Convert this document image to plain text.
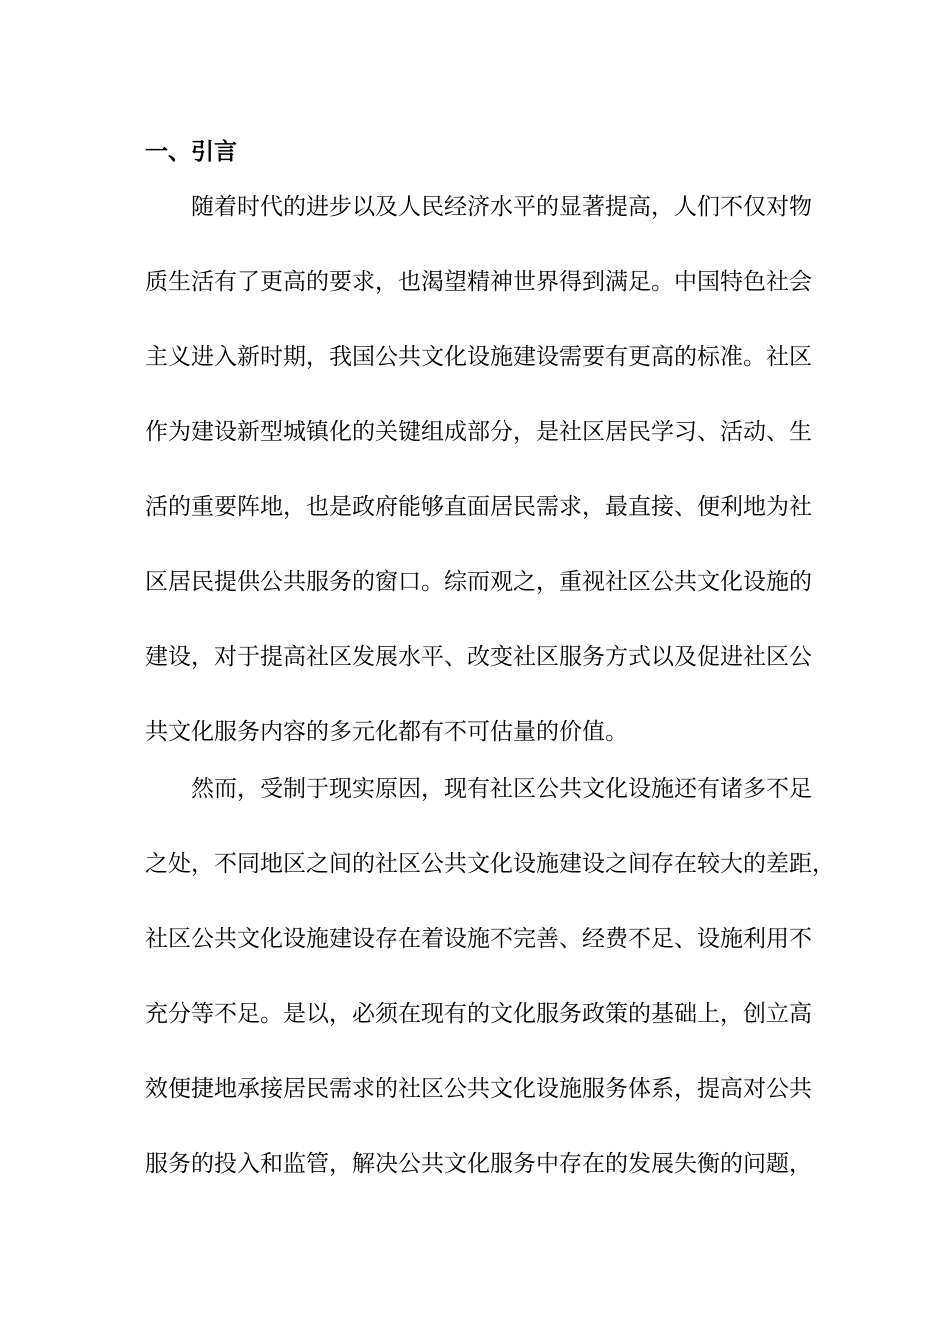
一、引言
随着时代的进步以及人民经济水平的显著提高，人们不仅对物
质生活有了更高的要求，也渴望精神世界得到满足。中国特色社会
主义进入新时期，我国公共文化设施建设需要有更高的标准。社区
作为建设新型城镇化的关键组成部分，是社区居民学习、活动、生
活的重要阵地，也是政府能够直面居民需求，最直接、便利地为社
区居民提供公共服务的窗口。综而观之，重视社区公共文化设施的
建设，对于提高社区发展水平、改变社区服务方式以及促进社区公
共文化服务内容的多元化都有不可估量的价值。
然而，受制于现实原因，现有社区公共文化设施还有诸多不足
之处，不同地区之间的社区公共文化设施建设之间存在较大的差距，
社区公共文化设施建设存在着设施不完善、经费不足、设施利用不
充分等不足。是以，必须在现有的文化服务政策的基础上，创立高
效便捷地承接居民需求的社区公共文化设施服务体系，提高对公共
服务的投入和监管，解决公共文化服务中存在的发展失衡的问题，
